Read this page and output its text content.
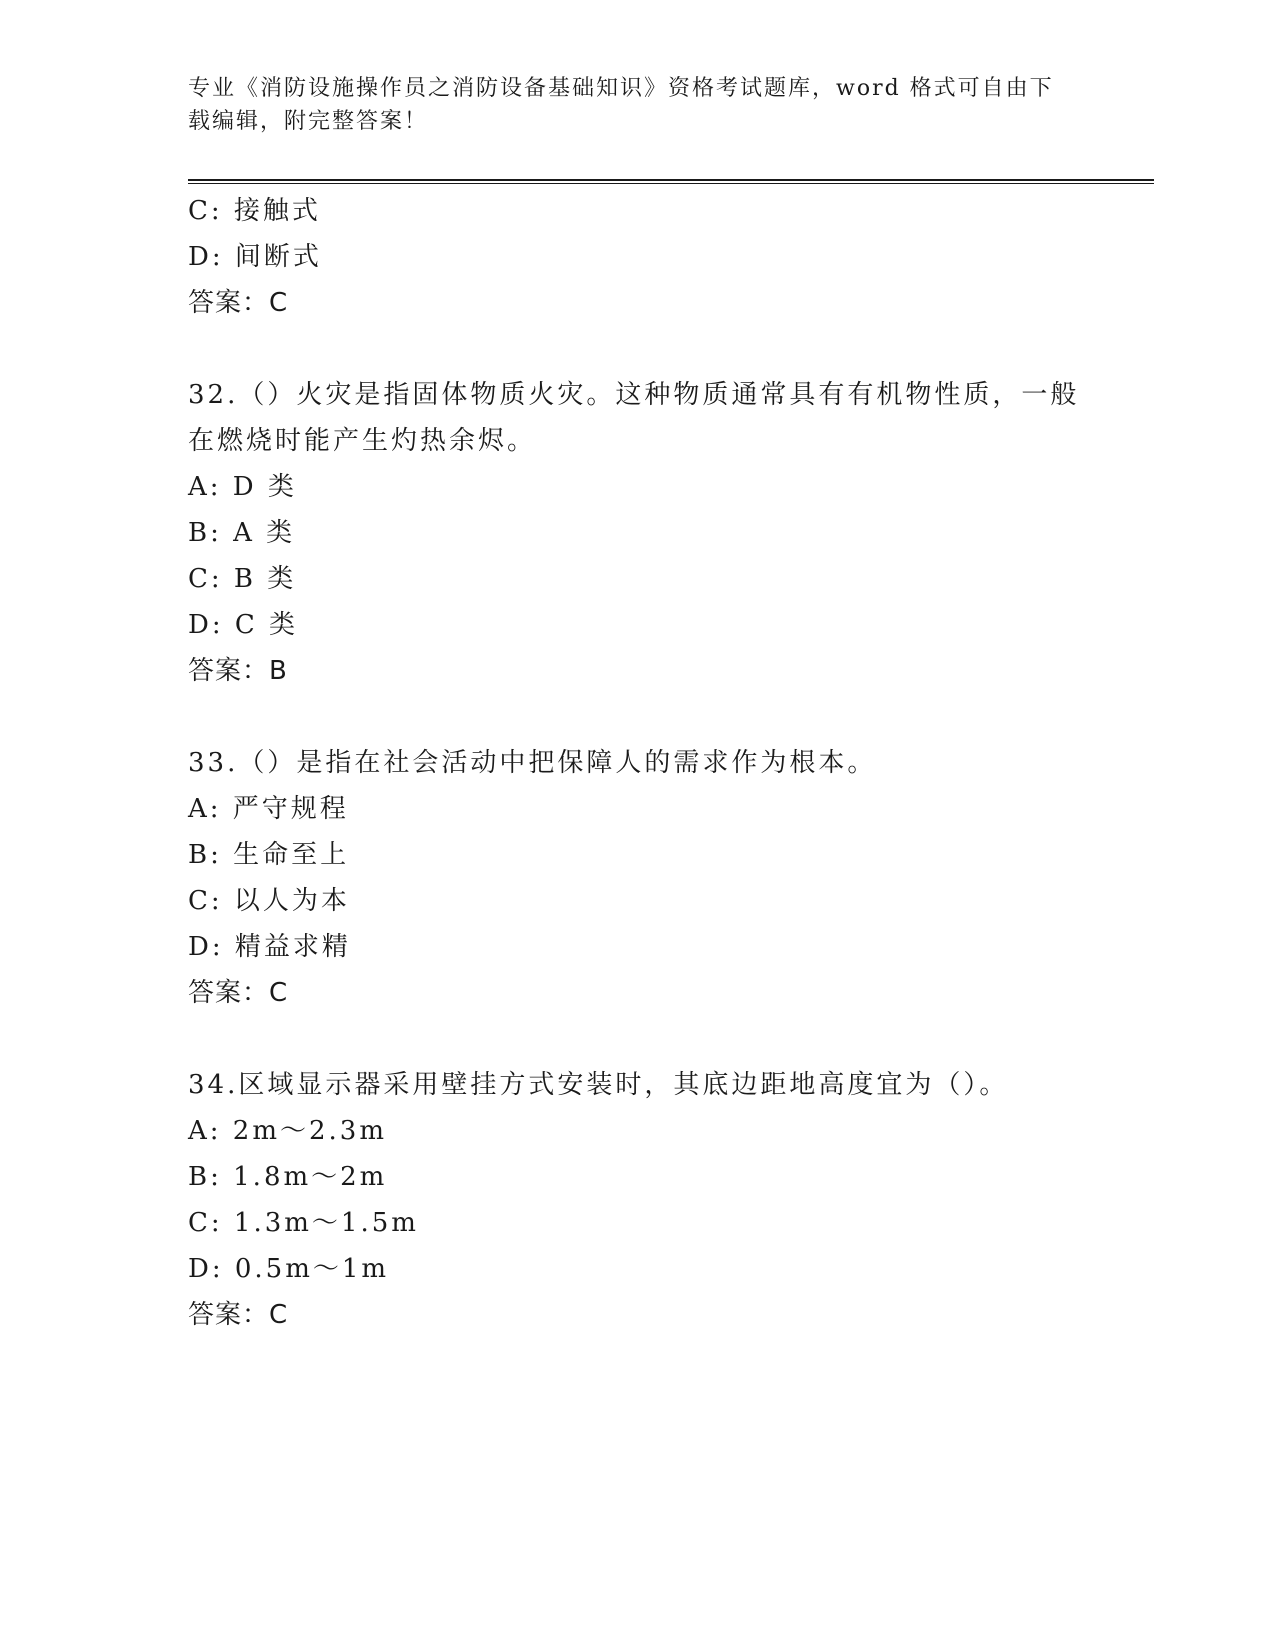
专业《消防设施操作员之消防设备基础知识》资格考试题库，word 格式可自由下
载编辑，附完整答案！
C: 接触式
D: 间断式
答案：C
32.（）火灾是指固体物质火灾。这种物质通常具有有机物性质，一般
在燃烧时能产生灼热余烬。
A: D 类
B: A 类
C: B 类
D: C 类
答案：B
33.（）是指在社会活动中把保障人的需求作为根本。
A: 严守规程
B: 生命至上
C: 以人为本
D: 精益求精
答案：C
34.区域显示器采用壁挂方式安装时，其底边距地高度宜为（）。
A: 2m～2.3m
B: 1.8m～2m
C: 1.3m～1.5m
D: 0.5m～1m
答案：C
